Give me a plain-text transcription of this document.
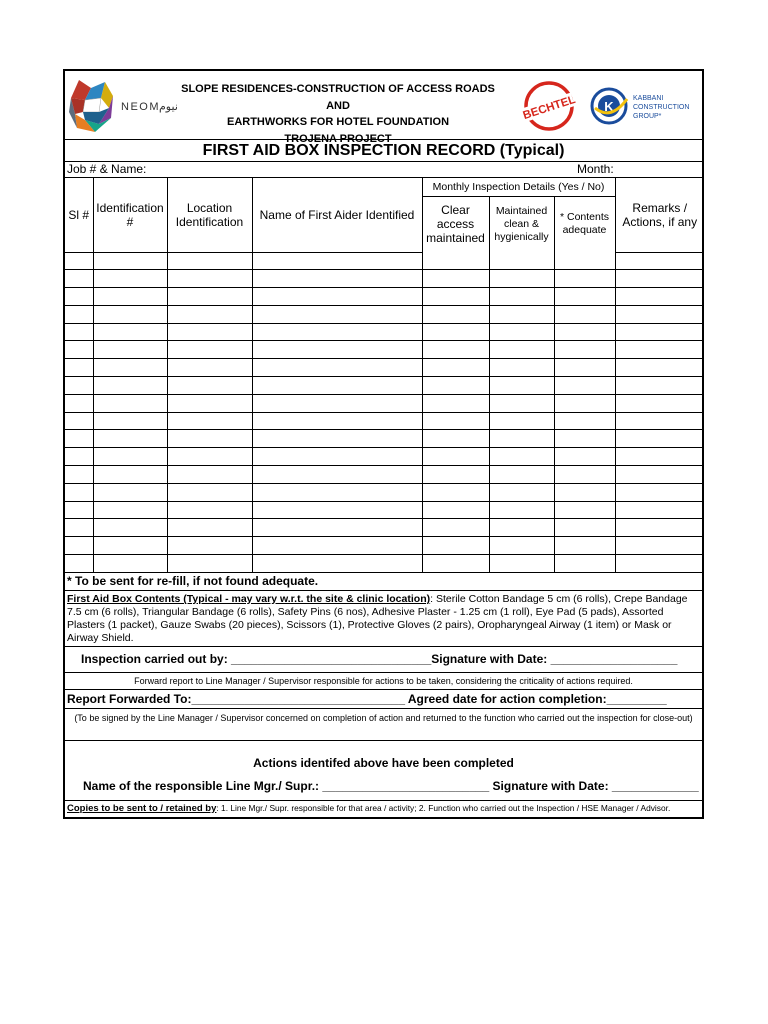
NEOM نيوم
SLOPE RESIDENCES-CONSTRUCTION OF ACCESS ROADS AND
EARTHWORKS FOR HOTEL FOUNDATION
TROJENA PROJECT
BECHTEL K
KABBANI
CONSTRUCTION
GROUP*
FIRST AID BOX INSPECTION RECORD (Typical)
Job # & Name:	Month:
Sl #	Identification #	Location Identification	Name of First Aider Identified	Monthly Inspection Details (Yes / No)			Remarks / Actions, if any
				Clear access maintained	Maintained clean & hygienically	* Contents adequate	

* To be sent for re-fill, if not found adequate.
First Aid Box Contents (Typical - may vary w.r.t. the site & clinic location): Sterile Cotton Bandage 5 cm (6 rolls), Crepe Bandage 7.5 cm (6 rolls), Triangular Bandage (6 rolls), Safety Pins (6 nos), Adhesive Plaster - 1.25 cm (1 roll), Eye Pad (5 pads), Assorted Plasters (1 packet), Gauze Swabs (20 pieces), Scissors (1), Protective Gloves (2 pairs), Oropharyngeal Airway (1 item) or Mask or Airway Shield.
Inspection carried out by: ______________________________Signature with Date: ___________________
Forward report to Line Manager / Supervisor responsible for actions to be taken, considering the criticality of actions required.
Report Forwarded To:________________________________ Agreed date for action completion:_________
(To be signed by the Line Manager / Supervisor concerned on completion of action and returned to the function who carried out the inspection for close-out)
Actions identifed above have been completed
Name of the responsible Line Mgr./ Supr.: _________________________ Signature with Date: _____________
Copies to be sent to / retained by: 1. Line Mgr./ Supr. responsible for that area / activity; 2. Function who carried out the Inspection / HSE Manager / Advisor.
